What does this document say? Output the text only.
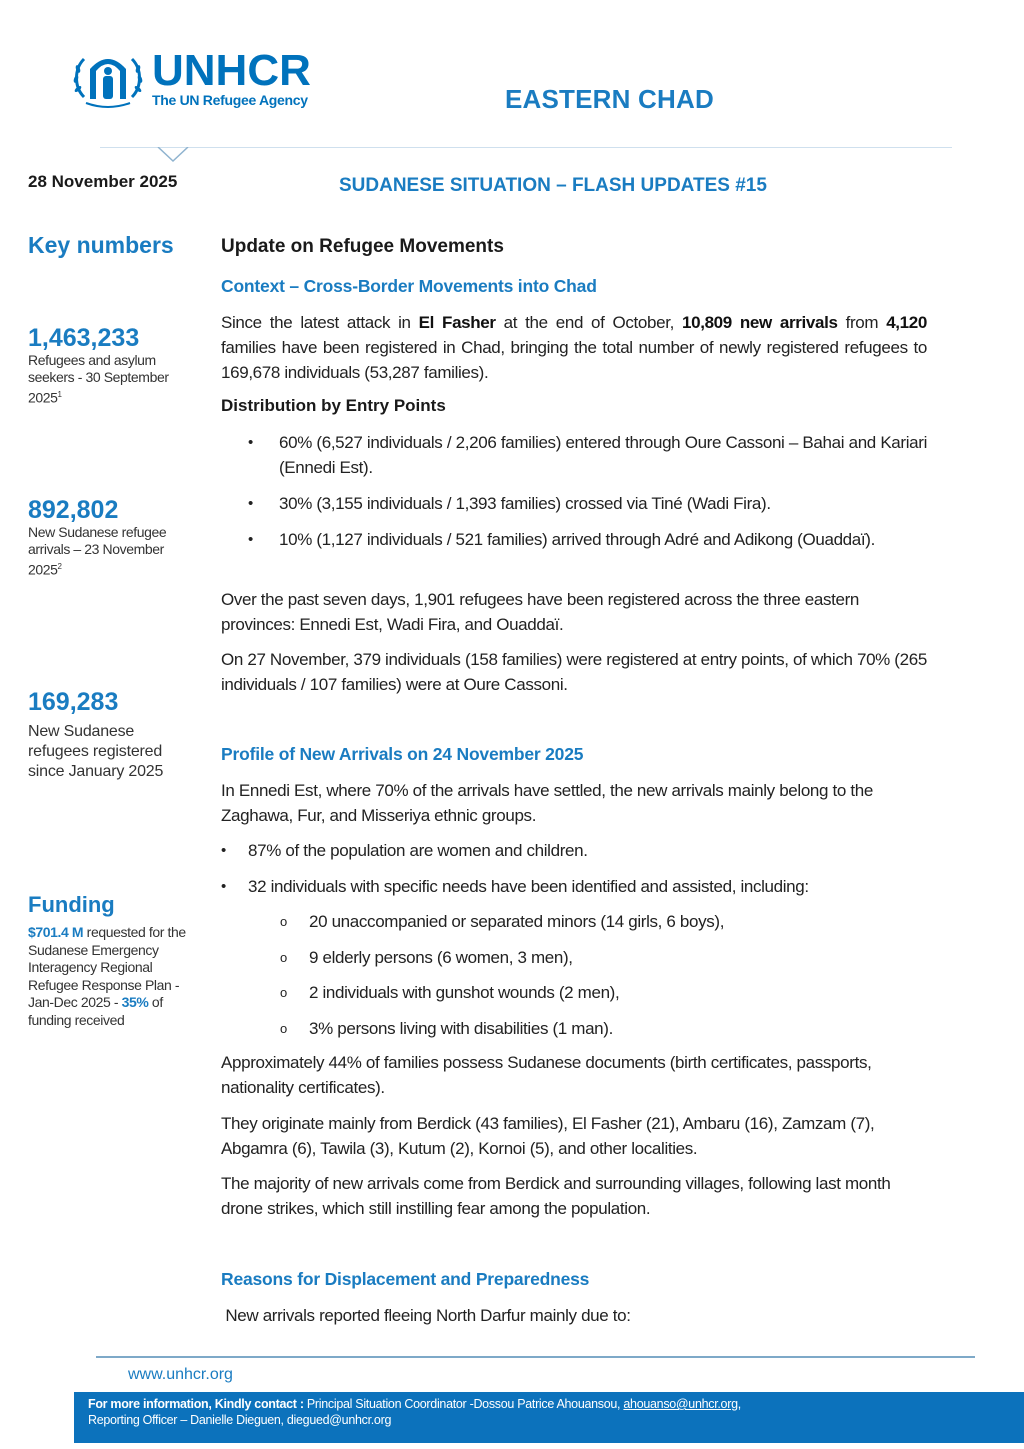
UNHCR
The UN Refugee Agency	EASTERN CHAD
28 November 2025	SUDANESE SITUATION – FLASH UPDATES #15
Key numbers
1,463,233
Refugees and asylum seekers - 30 September 2025$^1$
892,802
New Sudanese refugee arrivals – 23 November 2025$^2$
169,283
New Sudanese refugees registered since January 2025
Funding
$701.4 M requested for the Sudanese Emergency Interagency Regional Refugee Response Plan - Jan-Dec 2025 - 35% of funding received
Update on Refugee Movements
Context – Cross-Border Movements into Chad

Since the latest attack in El Fasher at the end of October, 10,809 new arrivals from 4,120 families have been registered in Chad, bringing the total number of newly registered refugees to 169,678 individuals (53,287 families).

Distribution by Entry Points
• 60% (6,527 individuals / 2,206 families) entered through Oure Cassoni – Bahai and Kariari (Ennedi Est).
• 30% (3,155 individuals / 1,393 families) crossed via Tiné (Wadi Fira).
• 10% (1,127 individuals / 521 families) arrived through Adré and Adikong (Ouaddaï).

Over the past seven days, 1,901 refugees have been registered across the three eastern provinces: Ennedi Est, Wadi Fira, and Ouaddaï.

On 27 November, 379 individuals (158 families) were registered at entry points, of which 70% (265 individuals / 107 families) were at Oure Cassoni.

Profile of New Arrivals on 24 November 2025

In Ennedi Est, where 70% of the arrivals have settled, the new arrivals mainly belong to the Zaghawa, Fur, and Misseriya ethnic groups.

• 87% of the population are women and children.
• 32 individuals with specific needs have been identified and assisted, including:
o 20 unaccompanied or separated minors (14 girls, 6 boys),
o 9 elderly persons (6 women, 3 men),
o 2 individuals with gunshot wounds (2 men),
o 3% persons living with disabilities (1 man).

Approximately 44% of families possess Sudanese documents (birth certificates, passports, nationality certificates).

They originate mainly from Berdick (43 families), El Fasher (21), Ambaru (16), Zamzam (7), Abgamra (6), Tawila (3), Kutum (2), Kornoi (5), and other localities.

The majority of new arrivals come from Berdick and surrounding villages, following last month drone strikes, which still instilling fear among the population.

Reasons for Displacement and Preparedness

New arrivals reported fleeing North Darfur mainly due to:

www.unhcr.org
For more information, Kindly contact : Principal Situation Coordinator -Dossou Patrice Ahouansou, ahouanso@unhcr.org,
Reporting Officer – Danielle Dieguen, diegued@unhcr.org
